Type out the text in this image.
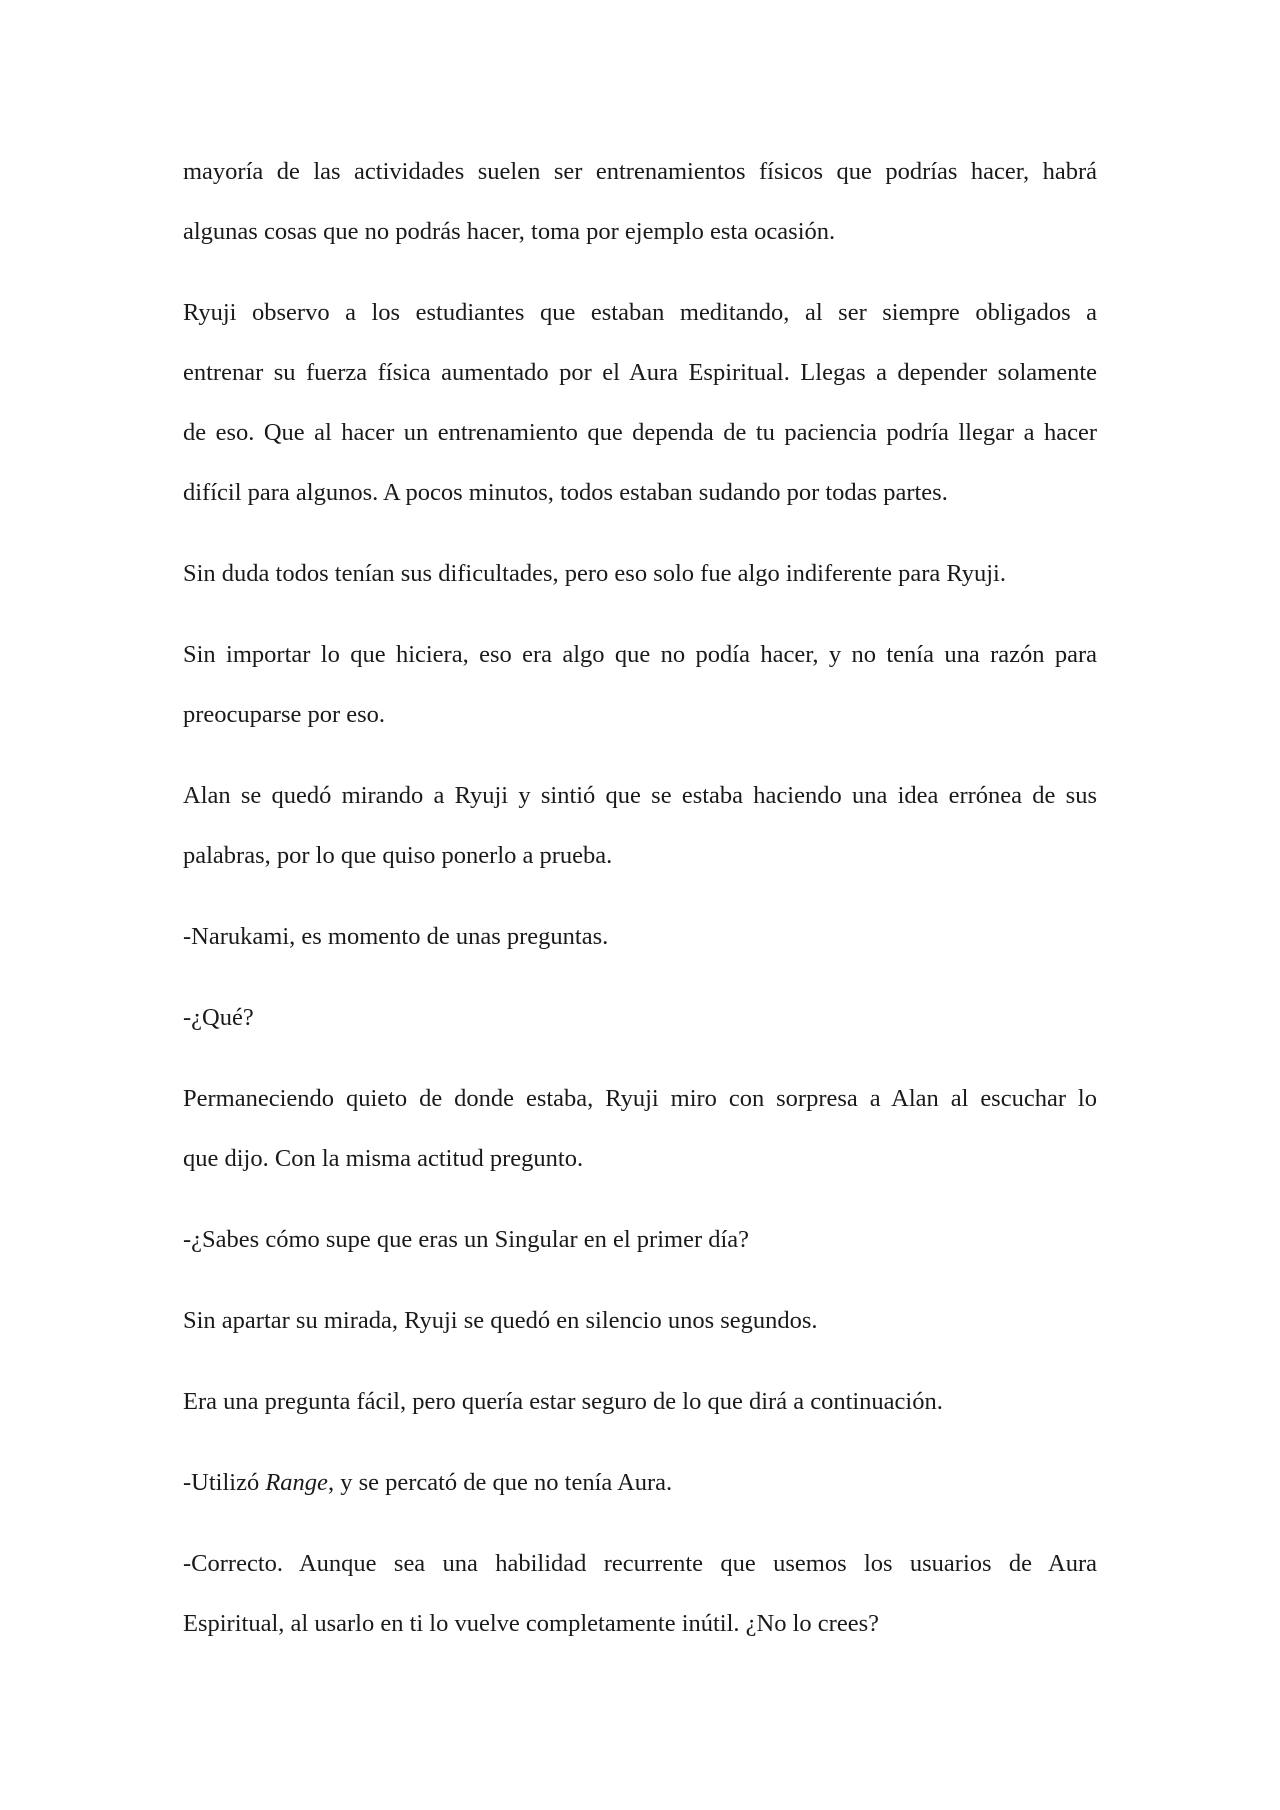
mayoría de las actividades suelen ser entrenamientos físicos que podrías hacer, habrá
algunas cosas que no podrás hacer, toma por ejemplo esta ocasión.

Ryuji observo a los estudiantes que estaban meditando, al ser siempre obligados a
entrenar su fuerza física aumentado por el Aura Espiritual. Llegas a depender solamente
de eso. Que al hacer un entrenamiento que dependa de tu paciencia podría llegar a hacer
difícil para algunos. A pocos minutos, todos estaban sudando por todas partes.

Sin duda todos tenían sus dificultades, pero eso solo fue algo indiferente para Ryuji.

Sin importar lo que hiciera, eso era algo que no podía hacer, y no tenía una razón para
preocuparse por eso.

Alan se quedó mirando a Ryuji y sintió que se estaba haciendo una idea errónea de sus
palabras, por lo que quiso ponerlo a prueba.

-Narukami, es momento de unas preguntas.

-¿Qué?

Permaneciendo quieto de donde estaba, Ryuji miro con sorpresa a Alan al escuchar lo
que dijo. Con la misma actitud pregunto.

-¿Sabes cómo supe que eras un Singular en el primer día?

Sin apartar su mirada, Ryuji se quedó en silencio unos segundos.

Era una pregunta fácil, pero quería estar seguro de lo que dirá a continuación.

-Utilizó Range, y se percató de que no tenía Aura.

-Correcto. Aunque sea una habilidad recurrente que usemos los usuarios de Aura
Espiritual, al usarlo en ti lo vuelve completamente inútil. ¿No lo crees?
